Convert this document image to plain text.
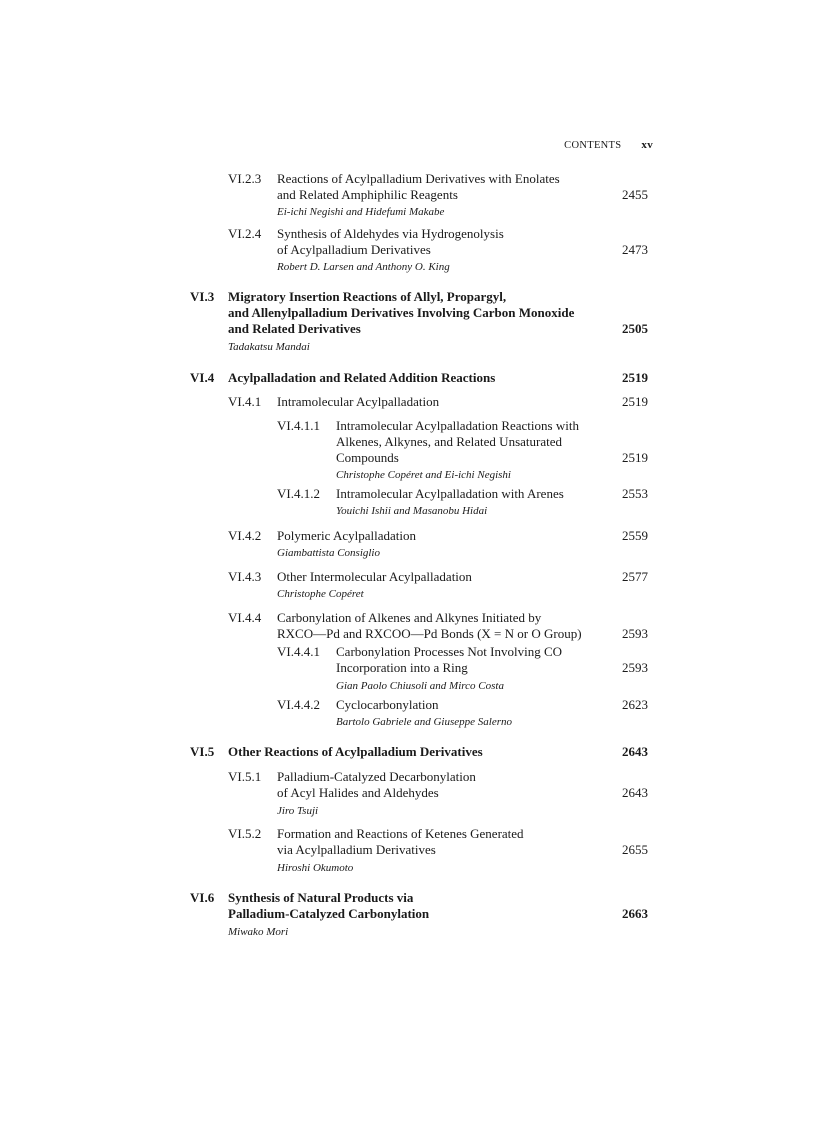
CONTENTS xv
VI.2.3 Reactions of Acylpalladium Derivatives with Enolates
and Related Amphiphilic Reagents	2455
Ei-ichi Negishi and Hidefumi Makabe
VI.2.4 Synthesis of Aldehydes via Hydrogenolysis
of Acylpalladium Derivatives	2473
Robert D. Larsen and Anthony O. King
VI.3 Migratory Insertion Reactions of Allyl, Propargyl,
and Allenylpalladium Derivatives Involving Carbon Monoxide
and Related Derivatives	2505
Tadakatsu Mandai
VI.4 Acylpalladation and Related Addition Reactions	2519
VI.4.1 Intramolecular Acylpalladation	2519
VI.4.1.1 Intramolecular Acylpalladation Reactions with
Alkenes, Alkynes, and Related Unsaturated
Compounds	2519
Christophe Copéret and Ei-ichi Negishi
VI.4.1.2 Intramolecular Acylpalladation with Arenes	2553
Youichi Ishii and Masanobu Hidai
VI.4.2 Polymeric Acylpalladation	2559
Giambattista Consiglio
VI.4.3 Other Intermolecular Acylpalladation	2577
Christophe Copéret
VI.4.4 Carbonylation of Alkenes and Alkynes Initiated by
RXCO—Pd and RXCOO—Pd Bonds (X = N or O Group)	2593
VI.4.4.1 Carbonylation Processes Not Involving CO
Incorporation into a Ring	2593
Gian Paolo Chiusoli and Mirco Costa
VI.4.4.2 Cyclocarbonylation	2623
Bartolo Gabriele and Giuseppe Salerno
VI.5 Other Reactions of Acylpalladium Derivatives	2643
VI.5.1 Palladium-Catalyzed Decarbonylation
of Acyl Halides and Aldehydes	2643
Jiro Tsuji
VI.5.2 Formation and Reactions of Ketenes Generated
via Acylpalladium Derivatives	2655
Hiroshi Okumoto
VI.6 Synthesis of Natural Products via
Palladium-Catalyzed Carbonylation	2663
Miwako Mori
